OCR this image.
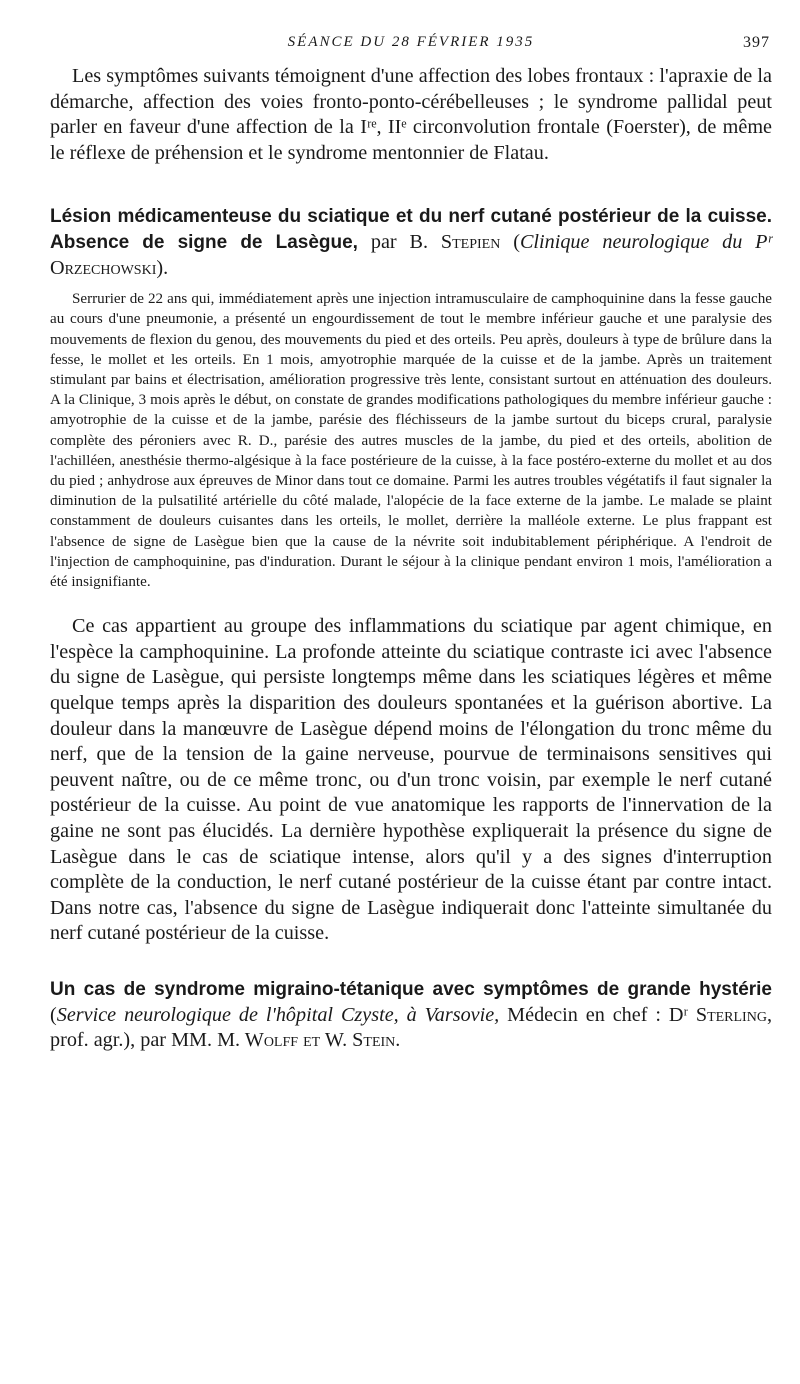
SÉANCE DU 28 FÉVRIER 1935	397

Les symptômes suivants témoignent d'une affection des lobes frontaux : l'apraxie de la démarche, affection des voies fronto-ponto-cérébelleuses ; le syndrome pallidal peut parler en faveur d'une affection de la Iʳᵉ, IIᵉ circonvolution frontale (Foerster), de même le réflexe de préhension et le syndrome mentonnier de Flatau.

Lésion médicamenteuse du sciatique et du nerf cutané postérieur de la cuisse. Absence de signe de Lasègue, par B. Stepien (Clinique neurologique du Pʳ Orzechowski).

Serrurier de 22 ans qui, immédiatement après une injection intramusculaire de camphoquinine dans la fesse gauche au cours d'une pneumonie, a présenté un engourdissement de tout le membre inférieur gauche et une paralysie des mouvements de flexion du genou, des mouvements du pied et des orteils. Peu après, douleurs à type de brûlure dans la fesse, le mollet et les orteils. En 1 mois, amyotrophie marquée de la cuisse et de la jambe. Après un traitement stimulant par bains et électrisation, amélioration progressive très lente, consistant surtout en atténuation des douleurs. A la Clinique, 3 mois après le début, on constate de grandes modifications pathologiques du membre inférieur gauche : amyotrophie de la cuisse et de la jambe, parésie des fléchisseurs de la jambe surtout du biceps crural, paralysie complète des péroniers avec R. D., parésie des autres muscles de la jambe, du pied et des orteils, abolition de l'achilléen, anesthésie thermo-algésique à la face postérieure de la cuisse, à la face postéro-externe du mollet et au dos du pied ; anhydrose aux épreuves de Minor dans tout ce domaine. Parmi les autres troubles végétatifs il faut signaler la diminution de la pulsatilité artérielle du côté malade, l'alopécie de la face externe de la jambe. Le malade se plaint constamment de douleurs cuisantes dans les orteils, le mollet, derrière la malléole externe. Le plus frappant est l'absence de signe de Lasègue bien que la cause de la névrite soit indubitablement périphérique. A l'endroit de l'injection de camphoquinine, pas d'induration. Durant le séjour à la clinique pendant environ 1 mois, l'amélioration a été insignifiante.

Ce cas appartient au groupe des inflammations du sciatique par agent chimique, en l'espèce la camphoquinine. La profonde atteinte du sciatique contraste ici avec l'absence du signe de Lasègue, qui persiste longtemps même dans les sciatiques légères et même quelque temps après la disparition des douleurs spontanées et la guérison abortive. La douleur dans la manœuvre de Lasègue dépend moins de l'élongation du tronc même du nerf, que de la tension de la gaine nerveuse, pourvue de terminaisons sensitives qui peuvent naître, ou de ce même tronc, ou d'un tronc voisin, par exemple le nerf cutané postérieur de la cuisse. Au point de vue anatomique les rapports de l'innervation de la gaine ne sont pas élucidés. La dernière hypothèse expliquerait la présence du signe de Lasègue dans le cas de sciatique intense, alors qu'il y a des signes d'interruption complète de la conduction, le nerf cutané postérieur de la cuisse étant par contre intact. Dans notre cas, l'absence du signe de Lasègue indiquerait donc l'atteinte simultanée du nerf cutané postérieur de la cuisse.

Un cas de syndrome migraino-tétanique avec symptômes de grande hystérie (Service neurologique de l'hôpital Czyste, à Varsovie, Médecin en chef : Dʳ Sterling, prof. agr.), par MM. M. Wolff et W. Stein.
